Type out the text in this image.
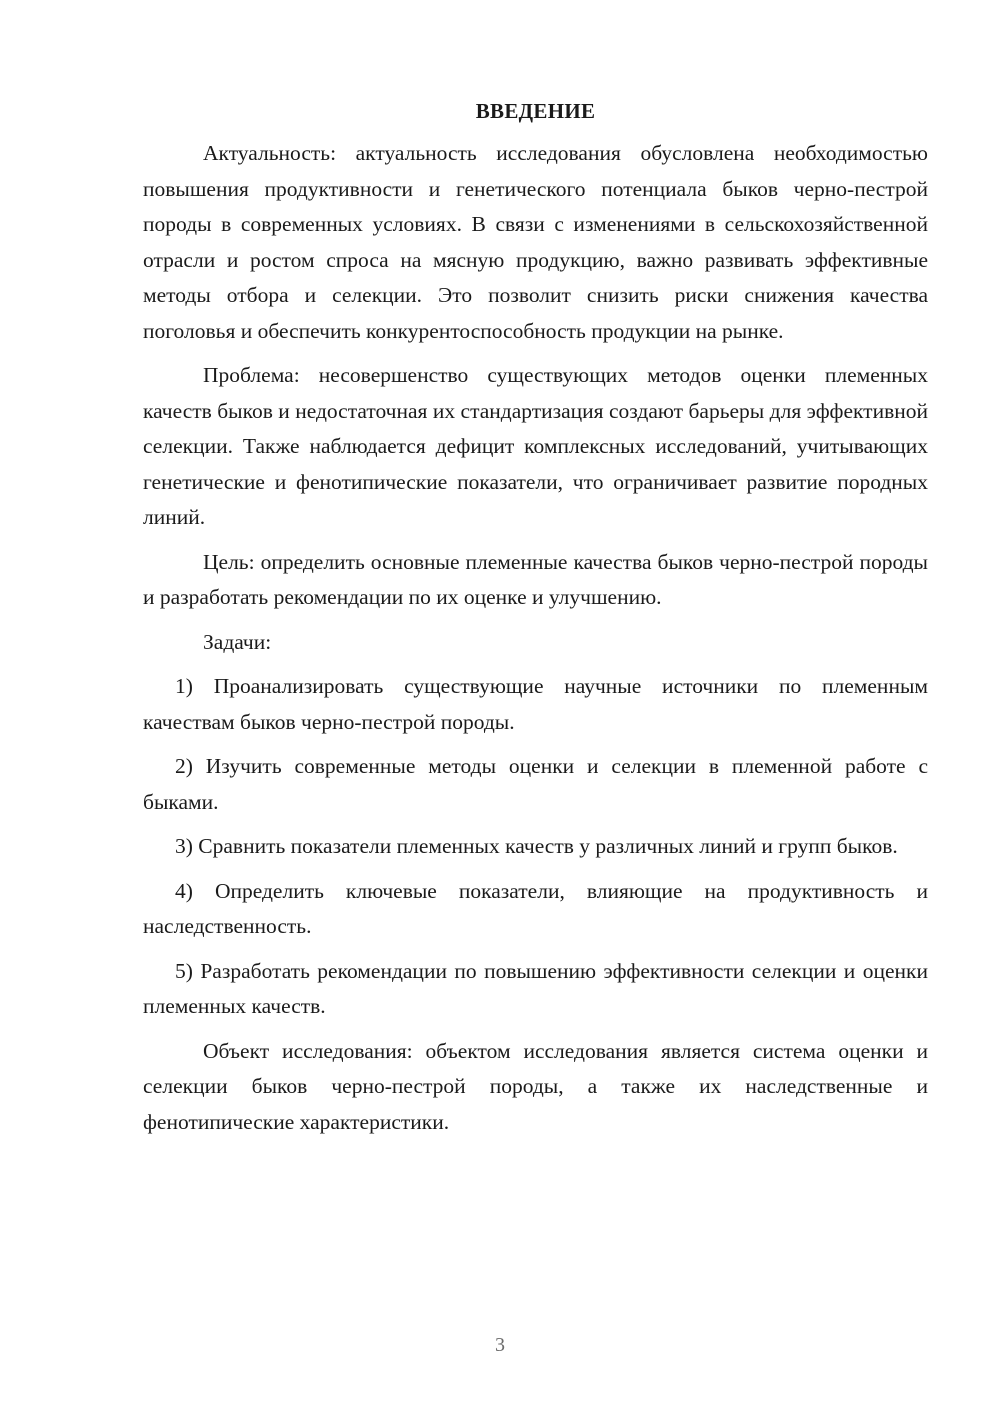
ВВЕДЕНИЕ

Актуальность: актуальность исследования обусловлена необходимостью повышения продуктивности и генетического потенциала быков черно-пестрой породы в современных условиях. В связи с изменениями в сельскохозяйственной отрасли и ростом спроса на мясную продукцию, важно развивать эффективные методы отбора и селекции. Это позволит снизить риски снижения качества поголовья и обеспечить конкурентоспособность продукции на рынке.

Проблема: несовершенство существующих методов оценки племенных качеств быков и недостаточная их стандартизация создают барьеры для эффективной селекции. Также наблюдается дефицит комплексных исследований, учитывающих генетические и фенотипические показатели, что ограничивает развитие породных линий.

Цель: определить основные племенные качества быков черно-пестрой породы и разработать рекомендации по их оценке и улучшению.

Задачи:

1) Проанализировать существующие научные источники по племенным качествам быков черно-пестрой породы.

2) Изучить современные методы оценки и селекции в племенной работе с быками.

3) Сравнить показатели племенных качеств у различных линий и групп быков.

4) Определить ключевые показатели, влияющие на продуктивность и наследственность.

5) Разработать рекомендации по повышению эффективности селекции и оценки племенных качеств.

Объект исследования: объектом исследования является система оценки и селекции быков черно-пестрой породы, а также их наследственные и фенотипические характеристики.

3
